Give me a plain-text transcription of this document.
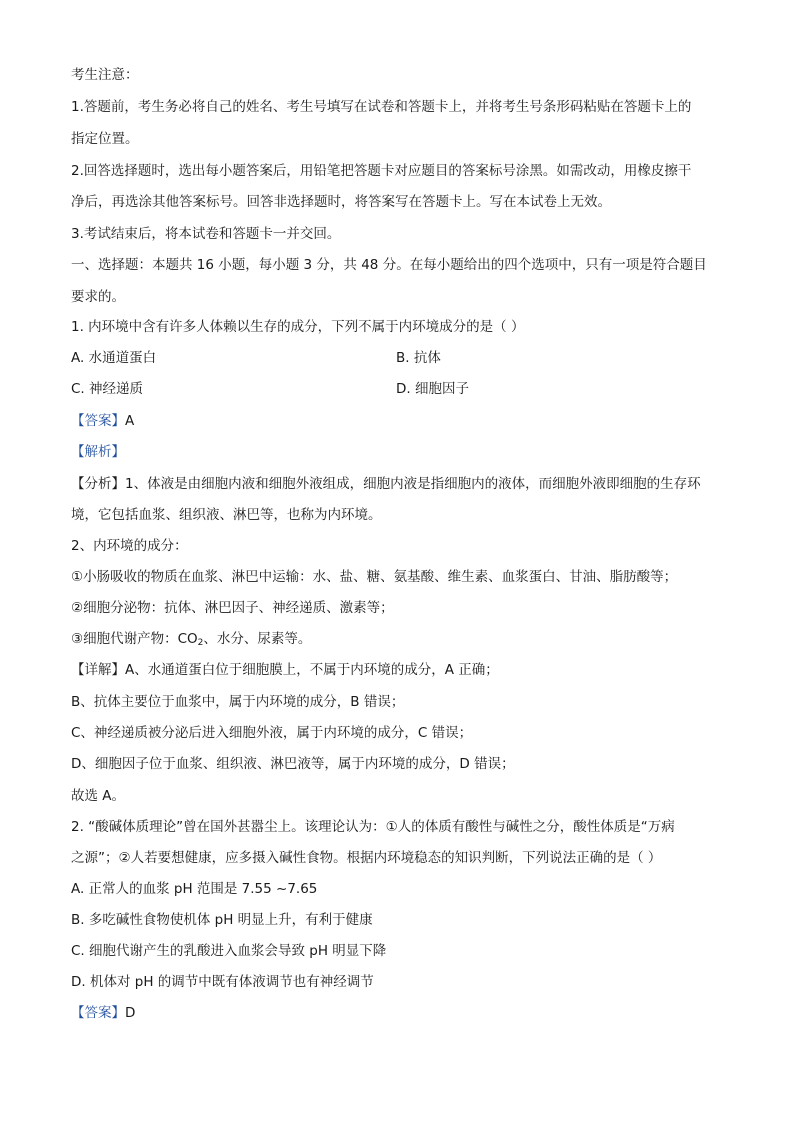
考生注意：
1.答题前，考生务必将自己的姓名、考生号填写在试卷和答题卡上，并将考生号条形码粘贴在答题卡上的
指定位置。
2.回答选择题时，选出每小题答案后，用铅笔把答题卡对应题目的答案标号涂黑。如需改动，用橡皮擦干
净后，再选涂其他答案标号。回答非选择题时，将答案写在答题卡上。写在本试卷上无效。
3.考试结束后，将本试卷和答题卡一并交回。
一、选择题：本题共 16 小题，每小题 3 分，共 48 分。在每小题给出的四个选项中，只有一项是符合题目
要求的。
1. 内环境中含有许多人体赖以生存的成分，下列不属于内环境成分的是（ ）
A. 水通道蛋白	B. 抗体
C. 神经递质	D. 细胞因子
【答案】A
【解析】
【分析】1、体液是由细胞内液和细胞外液组成，细胞内液是指细胞内的液体，而细胞外液即细胞的生存环
境，它包括血浆、组织液、淋巴等，也称为内环境。
2、内环境的成分：
①小肠吸收的物质在血浆、淋巴中运输：水、盐、糖、氨基酸、维生素、血浆蛋白、甘油、脂肪酸等；
②细胞分泌物：抗体、淋巴因子、神经递质、激素等；
③细胞代谢产物：$CO_2$、水分、尿素等。
【详解】A、水通道蛋白位于细胞膜上，不属于内环境的成分，A 正确；
B、抗体主要位于血浆中，属于内环境的成分，B 错误；
C、神经递质被分泌后进入细胞外液，属于内环境的成分，C 错误；
D、细胞因子位于血浆、组织液、淋巴液等，属于内环境的成分，D 错误；
故选 A。
2. “酸碱体质理论”曾在国外甚嚣尘上。该理论认为：①人的体质有酸性与碱性之分，酸性体质是“万病
之源”；②人若要想健康，应多摄入碱性食物。根据内环境稳态的知识判断，下列说法正确的是（ ）
A. 正常人的血浆 pH 范围是 7.55 ~7.65
B. 多吃碱性食物使机体 pH 明显上升，有利于健康
C. 细胞代谢产生的乳酸进入血浆会导致 pH 明显下降
D. 机体对 pH 的调节中既有体液调节也有神经调节
【答案】D
